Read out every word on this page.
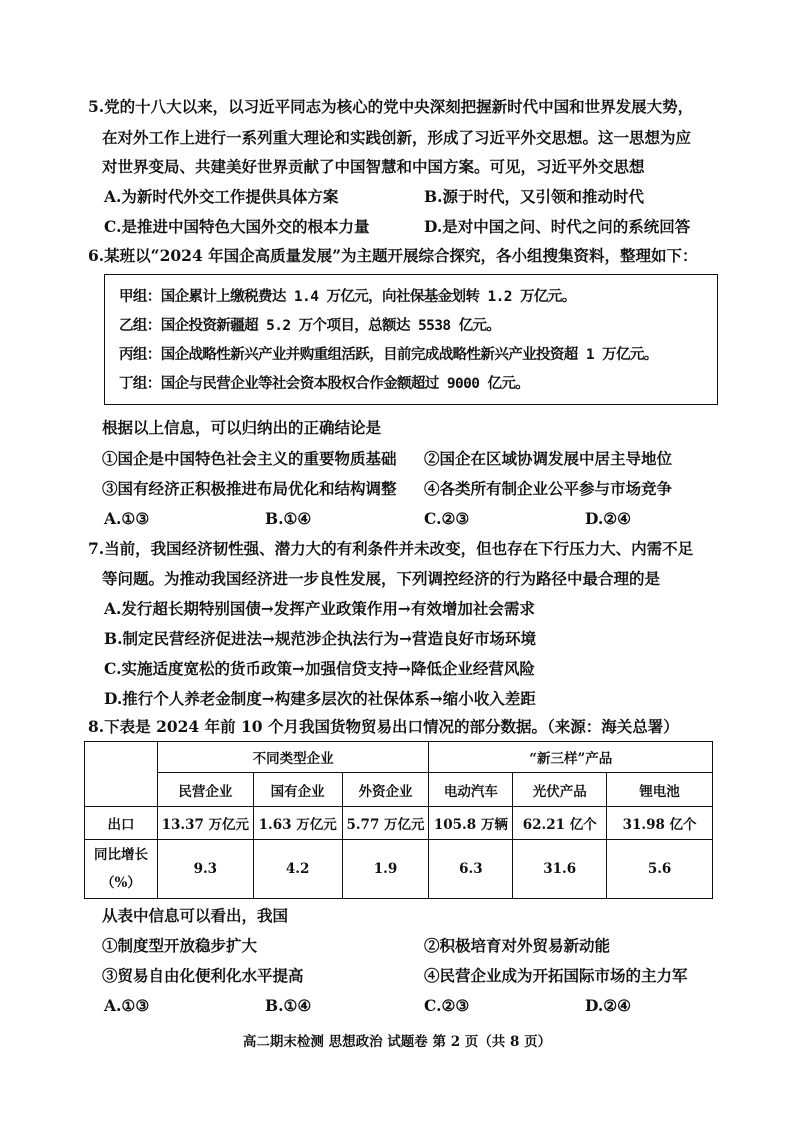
5.党的十八大以来，以习近平同志为核心的党中央深刻把握新时代中国和世界发展大势，
在对外工作上进行一系列重大理论和实践创新，形成了习近平外交思想。这一思想为应
对世界变局、共建美好世界贡献了中国智慧和中国方案。可见，习近平外交思想
A.为新时代外交工作提供具体方案	B.源于时代，又引领和推动时代
C.是推进中国特色大国外交的根本力量	D.是对中国之问、时代之问的系统回答
6.某班以“2024 年国企高质量发展”为主题开展综合探究，各小组搜集资料，整理如下：
甲组：国企累计上缴税费达 1.4 万亿元，向社保基金划转 1.2 万亿元。
乙组：国企投资新疆超 5.2 万个项目，总额达 5538 亿元。
丙组：国企战略性新兴产业并购重组活跃，目前完成战略性新兴产业投资超 1 万亿元。
丁组：国企与民营企业等社会资本股权合作金额超过 9000 亿元。
根据以上信息，可以归纳出的正确结论是
①国企是中国特色社会主义的重要物质基础 ②国企在区域协调发展中居主导地位
③国有经济正积极推进布局优化和结构调整 ④各类所有制企业公平参与市场竞争
A.①③	B.①④	C.②③	D.②④
7.当前，我国经济韧性强、潜力大的有利条件并未改变，但也存在下行压力大、内需不足
等问题。为推动我国经济进一步良性发展，下列调控经济的行为路径中最合理的是
A.发行超长期特别国债→发挥产业政策作用→有效增加社会需求
B.制定民营经济促进法→规范涉企执法行为→营造良好市场环境
C.实施适度宽松的货币政策→加强信贷支持→降低企业经营风险
D.推行个人养老金制度→构建多层次的社保体系→缩小收入差距
8.下表是 2024 年前 10 个月我国货物贸易出口情况的部分数据。（来源：海关总署）
	不同类型企业			“新三样”产品		
	民营企业	国有企业	外资企业	电动汽车	光伏产品	锂电池
出口	13.37 万亿元	1.63 万亿元	5.77 万亿元	105.8 万辆	62.21 亿个	31.98 亿个

同比增长
（%）	9.3	4.2	1.9	6.3	31.6	5.6
从表中信息可以看出，我国
①制度型开放稳步扩大	②积极培育对外贸易新动能
③贸易自由化便利化水平提高	④民营企业成为开拓国际市场的主力军
A.①③	B.①④	C.②③	D.②④
高二期末检测 思想政治 试题卷 第 2 页（共 8 页）
